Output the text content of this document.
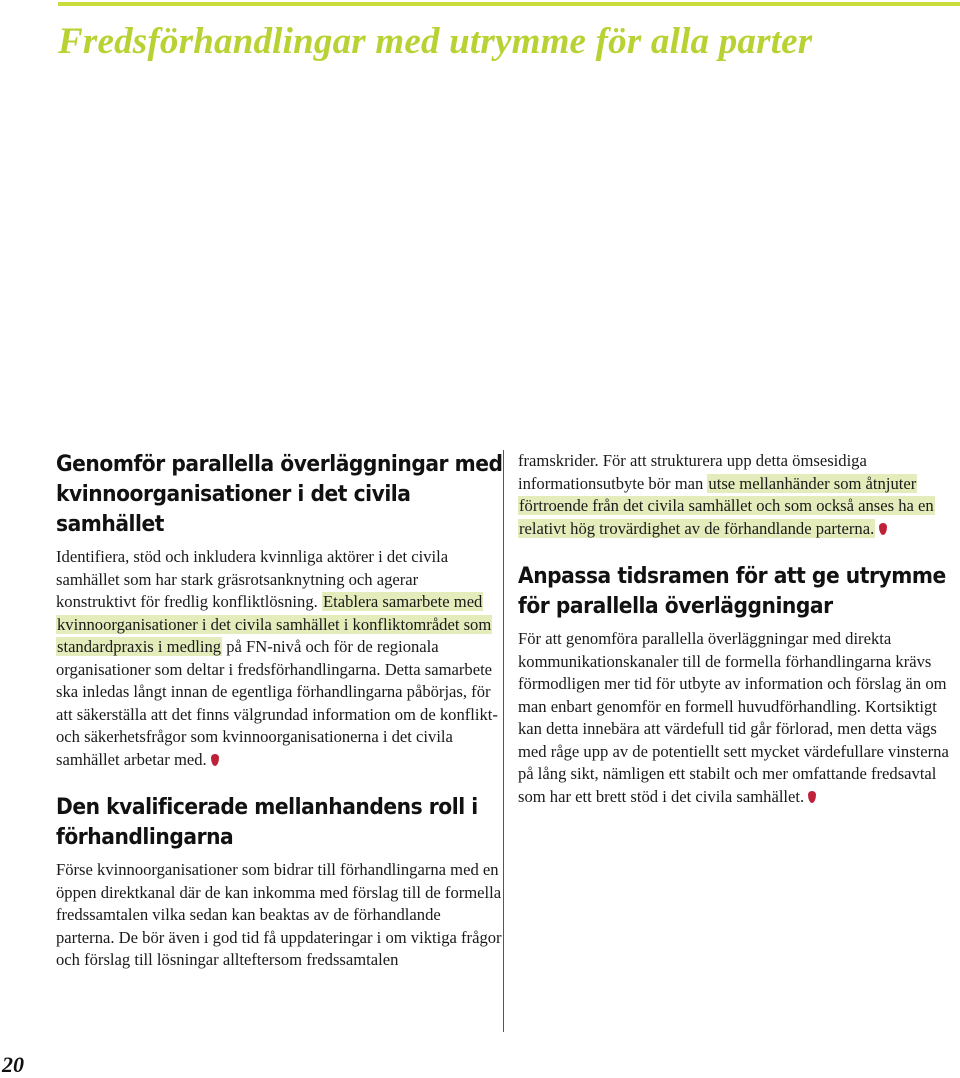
Fredsförhandlingar med utrymme för alla parter
Genomför parallella överläggningar med kvinnoorganisationer i det civila samhället

Identifiera, stöd och inkludera kvinnliga aktörer i det civila samhället som har stark gräsrotsanknytning och agerar konstruktivt för fredlig konfliktlösning. Etablera samarbete med kvinnoorganisationer i det civila samhället i konfliktområdet som standardpraxis i medling på FN-nivå och för de regionala organisationer som deltar i fredsförhandlingarna. Detta samarbete ska inledas långt innan de egentliga förhandlingarna påbörjas, för att säkerställa att det finns välgrundad information om de konflikt- och säkerhetsfrågor som kvinnoorganisationerna i det civila samhället arbetar med.

Den kvalificerade mellanhandens roll i förhandlingarna

Förse kvinnoorganisationer som bidrar till förhandlingarna med en öppen direktkanal där de kan inkomma med förslag till de formella fredssamtalen vilka sedan kan beaktas av de förhandlande parterna. De bör även i god tid få uppdateringar i om viktiga frågor och förslag till lösningar allteftersom fredssamtalen

framskrider. För att strukturera upp detta ömsesidiga informationsutbyte bör man utse mellanhänder som åtnjuter förtroende från det civila samhället och som också anses ha en relativt hög trovärdighet av de förhandlande parterna.

Anpassa tidsramen för att ge utrymme för parallella överläggningar

För att genomföra parallella överläggningar med direkta kommunikationskanaler till de formella förhandlingarna krävs förmodligen mer tid för utbyte av information och förslag än om man enbart genomför en formell huvudförhandling. Kortsiktigt kan detta innebära att värdefull tid går förlorad, men detta vägs med råge upp av de potentiellt sett mycket värdefullare vinsterna på lång sikt, nämligen ett stabilt och mer omfattande fredsavtal som har ett brett stöd i det civila samhället.

20
